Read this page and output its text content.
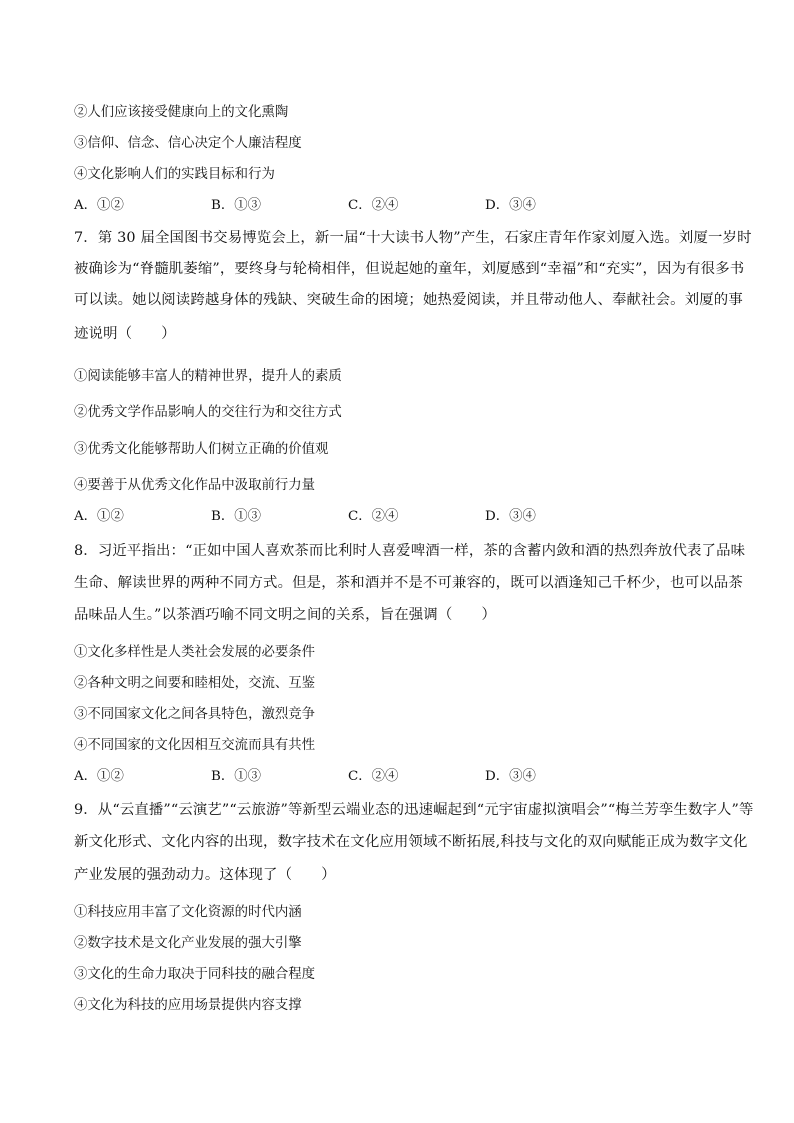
②人们应该接受健康向上的文化熏陶
③信仰、信念、信心决定个人廉洁程度
④文化影响人们的实践目标和行为
A．①②	B．①③	C．②④	D．③④
7．第 30 届全国图书交易博览会上，新一届“十大读书人物”产生，石家庄青年作家刘厦入选。刘厦一岁时
被确诊为“脊髓肌萎缩”，要终身与轮椅相伴，但说起她的童年，刘厦感到“幸福”和“充实”，因为有很多书
可以读。她以阅读跨越身体的残缺、突破生命的困境；她热爱阅读，并且带动他人、奉献社会。刘厦的事
迹说明（　　）
①阅读能够丰富人的精神世界，提升人的素质
②优秀文学作品影响人的交往行为和交往方式
③优秀文化能够帮助人们树立正确的价值观
④要善于从优秀文化作品中汲取前行力量
A．①②	B．①③	C．②④	D．③④
8．习近平指出：“正如中国人喜欢茶而比利时人喜爱啤酒一样，茶的含蓄内敛和酒的热烈奔放代表了品味
生命、解读世界的两种不同方式。但是，茶和酒并不是不可兼容的，既可以酒逢知己千杯少，也可以品茶
品味品人生。”以茶酒巧喻不同文明之间的关系，旨在强调（　　）
①文化多样性是人类社会发展的必要条件
②各种文明之间要和睦相处，交流、互鉴
③不同国家文化之间各具特色，激烈竞争
④不同国家的文化因相互交流而具有共性
A．①②	B．①③	C．②④	D．③④
9．从“云直播”“云演艺”“云旅游”等新型云端业态的迅速崛起到“元宇宙虚拟演唱会”“梅兰芳孪生数字人”等
新文化形式、文化内容的出现，数字技术在文化应用领域不断拓展,科技与文化的双向赋能正成为数字文化
产业发展的强劲动力。这体现了（　　）
①科技应用丰富了文化资源的时代内涵
②数字技术是文化产业发展的强大引擎
③文化的生命力取决于同科技的融合程度
④文化为科技的应用场景提供内容支撑
